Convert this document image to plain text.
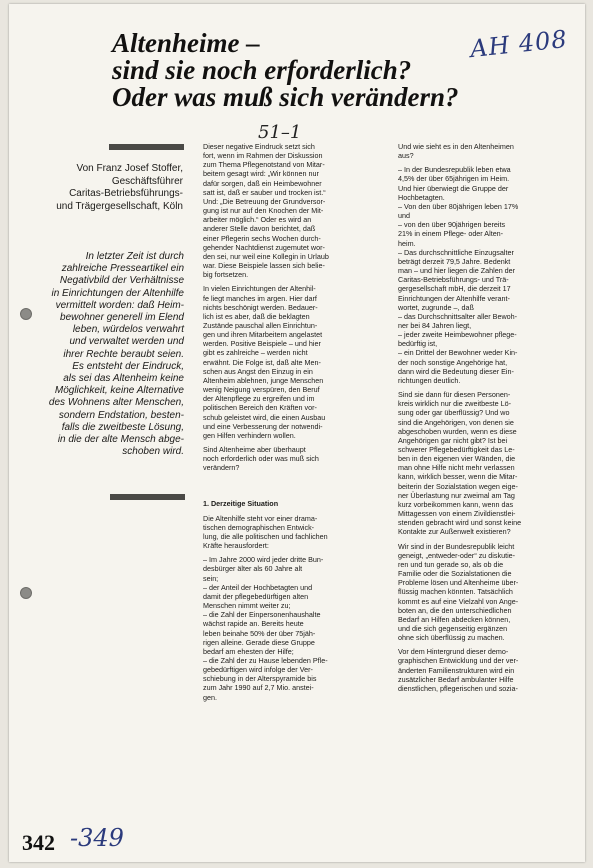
Altenheime –
sind sie noch erforderlich?
Oder was muß sich verändern?
AH 408
51–1
Von Franz Josef Stoffer,
Geschäftsführer
Caritas-Betriebsführungs-
und Trägergesellschaft, Köln
In letzter Zeit ist durch
zahlreiche Presseartikel ein
Negativbild der Verhältnisse
in Einrichtungen der Altenhilfe
vermittelt worden: daß Heim-
bewohner generell im Elend
leben, würdelos verwahrt
und verwaltet werden und
ihrer Rechte beraubt seien.
Es entsteht der Eindruck,
als sei das Altenheim keine
Möglichkeit, keine Alternative
des Wohnens alter Menschen,
sondern Endstation, besten-
falls die zweitbeste Lösung,
in die der alte Mensch abge-
schoben wird.

Dieser negative Eindruck setzt sich
fort, wenn im Rahmen der Diskussion
zum Thema Pflegenotstand von Mitar-
beitern gesagt wird: „Wir können nur
dafür sorgen, daß ein Heimbewohner
satt ist, daß er sauber und trocken ist.“
Und: „Die Betreuung der Grundversor-
gung ist nur auf den Knochen der Mit-
arbeiter möglich.“ Oder es wird an
anderer Stelle davon berichtet, daß
einer Pflegerin sechs Wochen durch-
gehender Nachtdienst zugemutet wor-
den sei, nur weil eine Kollegin in Urlaub
war. Diese Beispiele lassen sich belie-
big fortsetzen.

In vielen Einrichtungen der Altenhil-
fe liegt manches im argen. Hier darf
nichts beschönigt werden. Bedauer-
lich ist es aber, daß die beklagten
Zustände pauschal allen Einrichtun-
gen und ihren Mitarbeitern angelastet
werden. Positive Beispiele – und hier
gibt es zahlreiche – werden nicht
erwähnt. Die Folge ist, daß alte Men-
schen aus Angst den Einzug in ein
Altenheim ablehnen, junge Menschen
wenig Neigung verspüren, den Beruf
der Altenpflege zu ergreifen und im
politischen Bereich den Kräften vor-
schub geleistet wird, die einen Ausbau
und eine Verbesserung der notwendi-
gen Hilfen verhindern wollen.

Sind Altenheime aber überhaupt
noch erforderlich oder was muß sich
verändern?

1. Derzeitige Situation

Die Altenhilfe steht vor einer drama-
tischen demographischen Entwick-
lung, die alle politischen und fachlichen
Kräfte herausfordert:

– Im Jahre 2000 wird jeder dritte Bun-
desbürger älter als 60 Jahre alt
sein;
– der Anteil der Hochbetagten und
damit der pflegebedürftigen alten
Menschen nimmt weiter zu;
– die Zahl der Einpersonenhaushalte
wächst rapide an. Bereits heute
leben beinahe 50% der über 75jäh-
rigen alleine. Gerade diese Gruppe
bedarf am ehesten der Hilfe;
– die Zahl der zu Hause lebenden Pfle-
gebedürftigen wird infolge der Ver-
schiebung in der Alterspyramide bis
zum Jahr 1990 auf 2,7 Mio. anstei-
gen.

Und wie sieht es in den Altenheimen
aus?

– In der Bundesrepublik leben etwa
4,5% der über 65jährigen im Heim.
Und hier überwiegt die Gruppe der
Hochbetagten.
– Von den über 80jährigen leben 17%
und
– von den über 90jährigen bereits
21% in einem Pflege- oder Alten-
heim.
– Das durchschnittliche Einzugsalter
beträgt derzeit 79,5 Jahre. Bedenkt
man – und hier liegen die Zahlen der
Caritas-Betriebsführungs- und Trä-
gergesellschaft mbH, die derzeit 17
Einrichtungen der Altenhilfe verant-
wortet, zugrunde –, daß
– das Durchschnittsalter aller Bewoh-
ner bei 84 Jahren liegt,
– jeder zweite Heimbewohner pflege-
bedürftig ist,
– ein Drittel der Bewohner weder Kin-
der noch sonstige Angehörige hat,
dann wird die Bedeutung dieser Ein-
richtungen deutlich.

Sind sie dann für diesen Personen-
kreis wirklich nur die zweitbeste Lö-
sung oder gar überflüssig? Und wo
sind die Angehörigen, von denen sie
abgeschoben wurden, wenn es diese
Angehörigen gar nicht gibt? Ist bei
schwerer Pflegebedürftigkeit das Le-
ben in den eigenen vier Wänden, die
man ohne Hilfe nicht mehr verlassen
kann, wirklich besser, wenn die Mitar-
beiterin der Sozialstation wegen eige-
ner Überlastung nur zweimal am Tag
kurz vorbeikommen kann, wenn das
Mittagessen von einem Zivildienstlei-
stenden gebracht wird und sonst keine
Kontakte zur Außenwelt existieren?

Wir sind in der Bundesrepublik leicht
geneigt, „entweder-oder“ zu diskutie-
ren und tun gerade so, als ob die
Familie oder die Sozialstationen die
Probleme lösen und Altenheime über-
flüssig machen könnten. Tatsächlich
kommt es auf eine Vielzahl von Ange-
boten an, die den unterschiedlichen
Bedarf an Hilfen abdecken können,
und die sich gegenseitig ergänzen
ohne sich überflüssig zu machen.

Vor dem Hintergrund dieser demo-
graphischen Entwicklung und der ver-
änderten Familienstrukturen wird ein
zusätzlicher Bedarf ambulanter Hilfe
dienstlichen, pflegerischen und sozia-

342 -349
